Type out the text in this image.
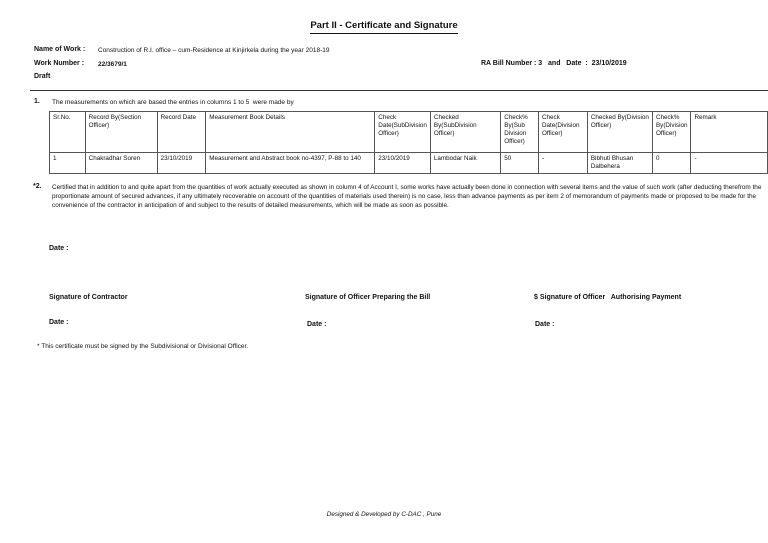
Part II - Certificate and Signature
Name of Work : Construction of R.I. office – cum-Residence at Kinjirkela during the year 2018-19
Work Number : 22/3679/1	RA Bill Number : 3   and   Date  :  23/10/2019
Draft
1. The measurements on which are based the entries in columns 1 to 5  were made by
Sr.No.	Record By(Section Officer)	Record Date	Measurement Book Details	Check Date(SubDivision Officer)	Checked By(SubDivision Officer)	Check% By(Sub Division Officer)	Check Date(Division Officer)	Checked By(Division Officer)	Check% By(Division Officer)	Remark
1	Chakradhar Soren	23/10/2019	Measurement and Abstract book no-4397, P-88 to 140	23/10/2019	Lambodar Naik	50	-	Bibhuti Bhusan Dalbehera	0	-
*2. Certified that in addition to and quite apart from the quantities of work actually executed as shown in column 4 of Account I, some works have actually been done in connection with several items and the value of such work (after deducting therefrom the proportionate amount of secured advances, if any ultimately recoverable on account of the quantities of materials used therein) is no case, less than advance payments as per item 2 of memorandum of payments made or proposed to be made for the convenience of the contractor in anticipation of and subject to the results of detailed measurements, which will be made as soon as possible.
Date :
Signature of Contractor	Signature of Officer Preparing the Bill	$ Signature of Officer   Authorising Payment
Date :	Date :	Date :
* This certificate must be signed by the Subdivisional or Divisional Officer.
Designed & Developed by C-DAC , Pune
